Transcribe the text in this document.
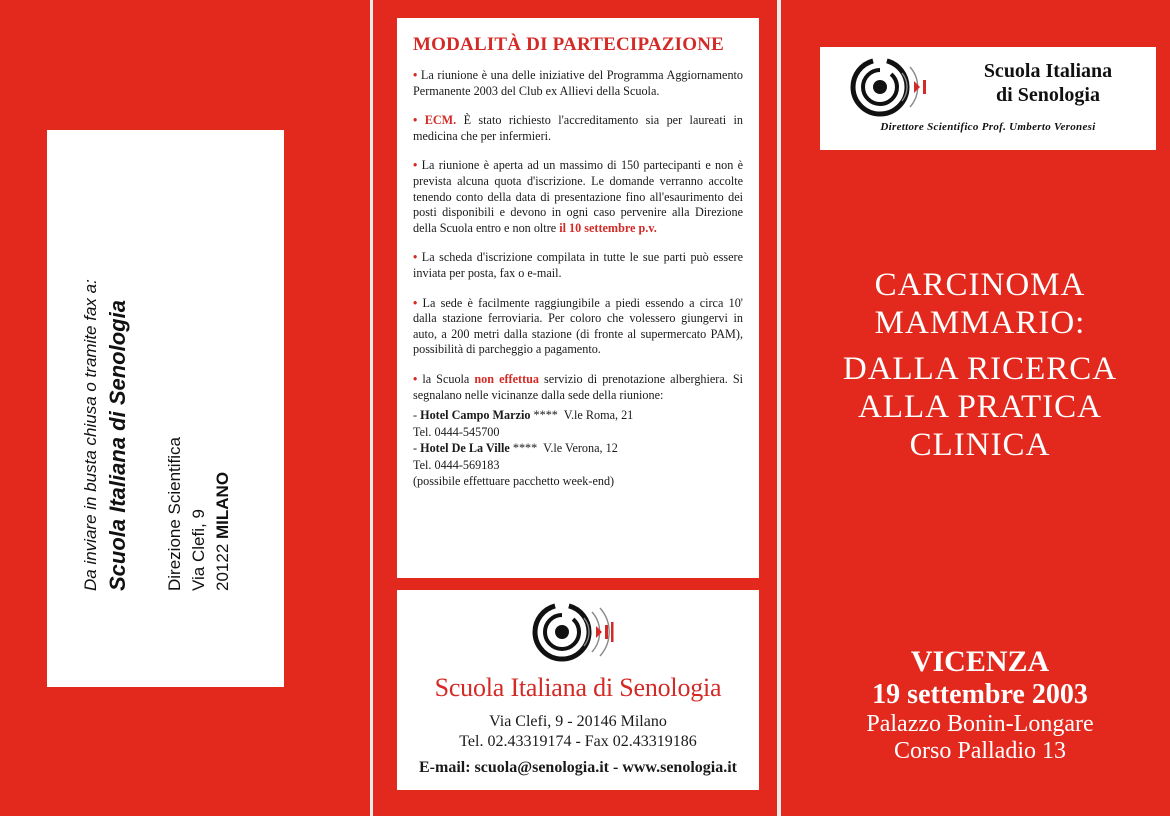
Da inviare in busta chiusa o tramite fax a: Scuola Italiana di Senologia Direzione Scientifica Via Clefi, 9 20122 MILANO
MODALITÀ DI PARTECIPAZIONE

• La riunione è una delle iniziative del Programma Aggiornamento Permanente 2003 del Club ex Allievi della Scuola.

• ECM. È stato richiesto l'accreditamento sia per laureati in medicina che per infermieri.

• La riunione è aperta ad un massimo di 150 partecipanti e non è prevista alcuna quota d'iscrizione. Le domande verranno accolte tenendo conto della data di presentazione fino all'esaurimento dei posti disponibili e devono in ogni caso pervenire alla Direzione della Scuola entro e non oltre il 10 settembre p.v.

• La scheda d'iscrizione compilata in tutte le sue parti può essere inviata per posta, fax o e-mail.

• La sede è facilmente raggiungibile a piedi essendo a circa 10' dalla stazione ferroviaria. Per coloro che volessero giungervi in auto, a 200 metri dalla stazione (di fronte al supermercato PAM), possibilità di parcheggio a pagamento.

• la Scuola non effettua servizio di prenotazione alberghiera. Si segnalano nelle vicinanze dalla sede della riunione:

- Hotel Campo Marzio **** V.le Roma, 21
Tel. 0444-545700
- Hotel De La Ville **** V.le Verona, 12
Tel. 0444-569183
(possibile effettuare pacchetto week-end)
Scuola Italiana di Senologia
Via Clefi, 9 - 20146 Milano
Tel. 02.43319174 - Fax 02.43319186
E-mail: scuola@senologia.it - www.senologia.it
Scuola Italiana
di Senologia
Direttore Scientifico Prof. Umberto Veronesi
CARCINOMA
MAMMARIO:
DALLA RICERCA
ALLA PRATICA
CLINICA
VICENZA
19 settembre 2003
Palazzo Bonin-Longare
Corso Palladio 13
